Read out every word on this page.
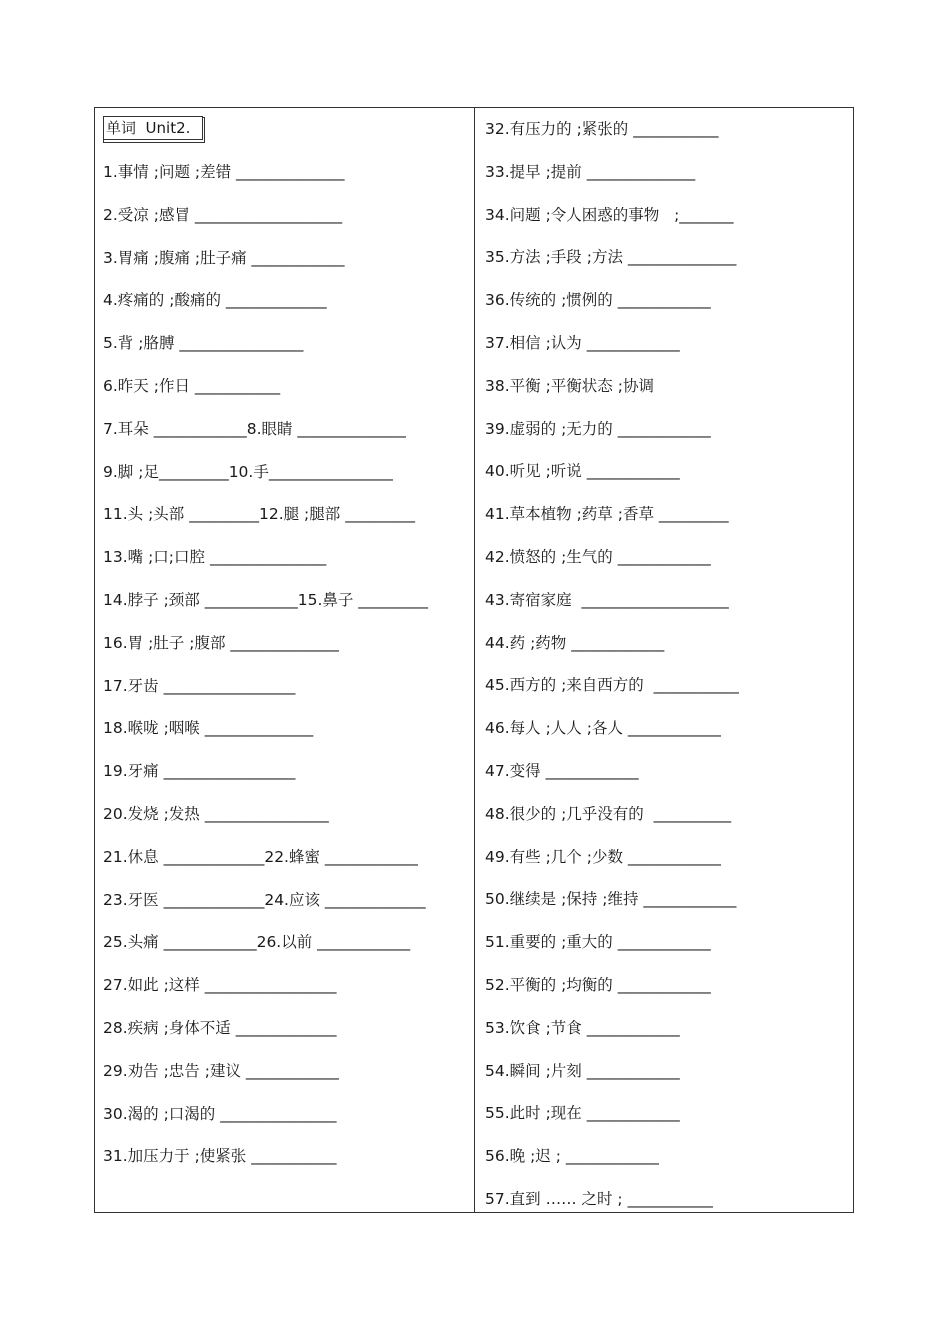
单词  Unit2.
1.事情 ;问题 ;差错 ______________
2.受凉 ;感冒 ___________________
3.胃痛 ;腹痛 ;肚子痛 ____________
4.疼痛的 ;酸痛的 _____________
5.背 ;胳膊 ________________
6.昨天 ;作日 ___________
7.耳朵 ____________8.眼睛 ______________
9.脚 ;足_________10.手________________
11.头 ;头部 _________12.腿 ;腿部 _________
13.嘴 ;口;口腔 _______________
14.脖子 ;颈部 ____________15.鼻子 _________
16.胃 ;肚子 ;腹部 ______________
17.牙齿 _________________
18.喉咙 ;咽喉 ______________
19.牙痛 _________________
20.发烧 ;发热 ________________
21.休息 _____________22.蜂蜜 ____________
23.牙医 _____________24.应该 _____________
25.头痛 ____________26.以前 ____________
27.如此 ;这样 _________________
28.疾病 ;身体不适 _____________
29.劝告 ;忠告 ;建议 ____________
30.渴的 ;口渴的 _______________
31.加压力于 ;使紧张 ___________
32.有压力的 ;紧张的 ___________
33.提早 ;提前 ______________
34.问题 ;令人困惑的事物   ;_______
35.方法 ;手段 ;方法 ______________
36.传统的 ;惯例的 ____________
37.相信 ;认为 ____________
38.平衡 ;平衡状态 ;协调
39.虚弱的 ;无力的 ____________
40.听见 ;听说 ____________
41.草本植物 ;药草 ;香草 _________
42.愤怒的 ;生气的 ____________
43.寄宿家庭  ___________________
44.药 ;药物 ____________
45.西方的 ;来自西方的  ___________
46.每人 ;人人 ;各人 ____________
47.变得 ____________
48.很少的 ;几乎没有的  __________
49.有些 ;几个 ;少数 ____________
50.继续是 ;保持 ;维持 ____________
51.重要的 ;重大的 ____________
52.平衡的 ;均衡的 ____________
53.饮食 ;节食 ____________
54.瞬间 ;片刻 ____________
55.此时 ;现在 ____________
56.晚 ;迟 ; ____________
57.直到 …… 之时 ; ___________
